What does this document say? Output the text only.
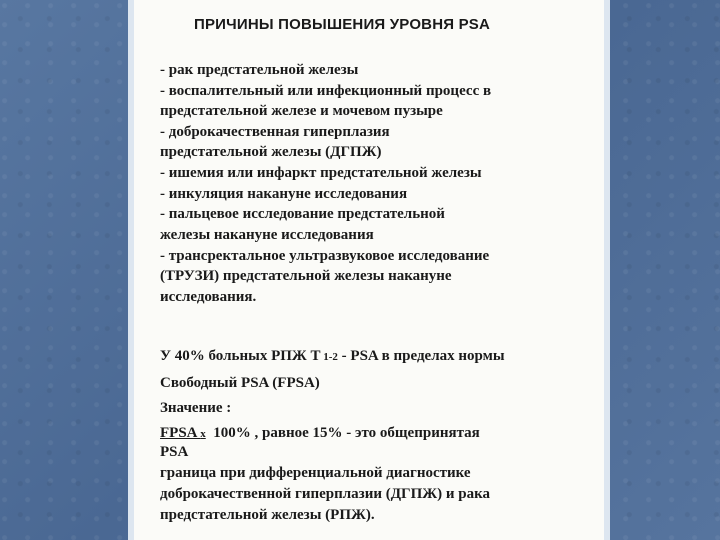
ПРИЧИНЫ ПОВЫШЕНИЯ УРОВНЯ PSA
- рак предстательной железы
- воспалительный или инфекционный процесс в
предстательной железе и мочевом пузыре
- доброкачественная гиперплазия
предстательной железы (ДГПЖ)
- ишемия или инфаркт предстательной железы
- инкуляция накануне исследования
- пальцевое исследование предстательной
железы накануне исследования
- трансректальное ультразвуковое исследование
(ТРУЗИ) предстательной железы накануне
исследования.
У 40% больных РПЖ Т 1-2 - PSA в пределах нормы
Свободный PSA (FPSA)
Значение :
FPSA х 100% , равное 15% - это общепринятая
PSA
граница при дифференциальной диагностике
доброкачественной гиперплазии (ДГПЖ) и рака
предстательной железы (РПЖ).
